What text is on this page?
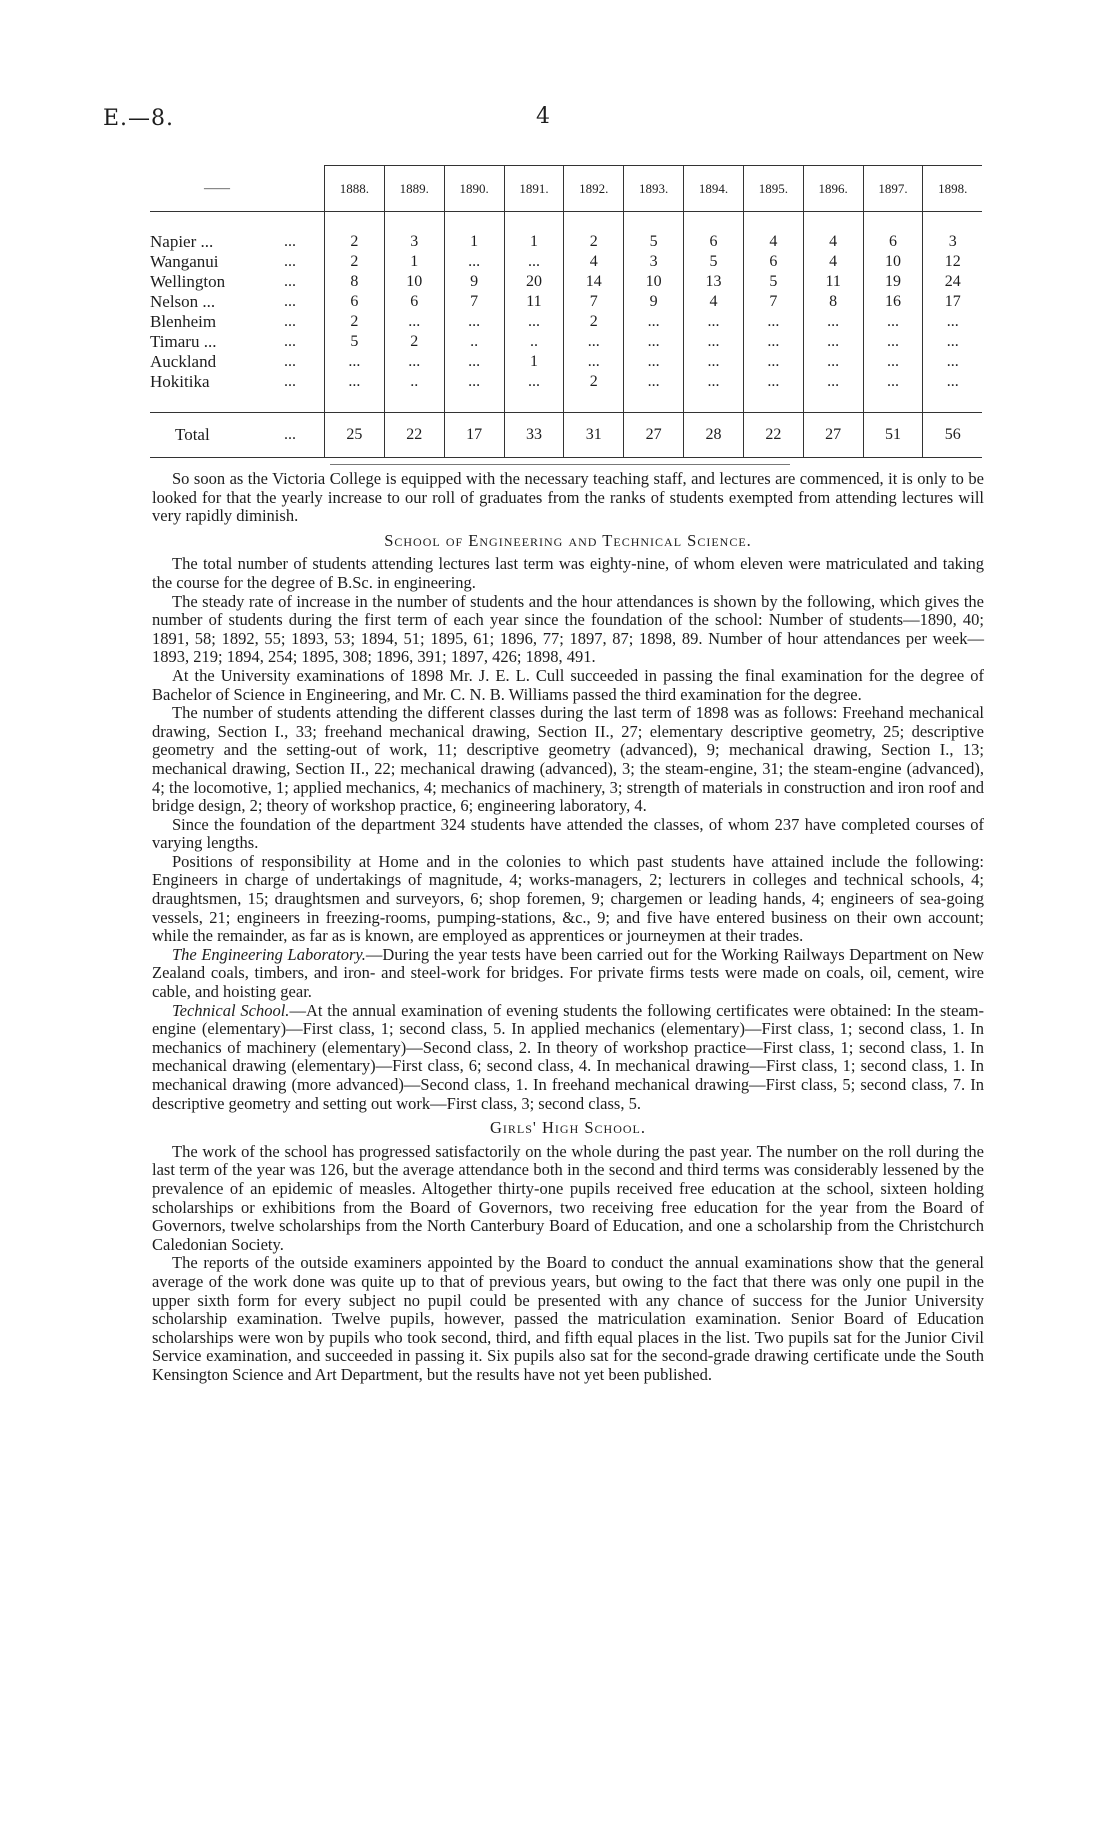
E.—8.	4
——		1888.	1889.	1890.	1891.	1892.	1893.	1894.	1895.	1896.	1897.	1898.

Napier ...	...	2	3	1	1	2	5	6	4	4	6	3
Wanganui	...	2	1	...	...	4	3	5	6	4	10	12
Wellington	...	8	10	9	20	14	10	13	5	11	19	24
Nelson ...	...	6	6	7	11	7	9	4	7	8	16	17
Blenheim	...	2	...	...	...	2	...	...	...	...	...	...
Timaru ...	...	5	2	..	..	...	...	...	...	...	...	...
Auckland	...	...	...	...	1	...	...	...	...	...	...	...
Hokitika	...	...	..	...	...	2	...	...	...	...	...	...

Total	...	25	22	17	33	31	27	28	22	27	51	56

So soon as the Victoria College is equipped with the necessary teaching staff, and lectures are commenced, it is only to be looked for that the yearly increase to our roll of graduates from the ranks of students exempted from attending lectures will very rapidly diminish.

School of Engineering and Technical Science.

The total number of students attending lectures last term was eighty-nine, of whom eleven were matriculated and taking the course for the degree of B.Sc. in engineering.

The steady rate of increase in the number of students and the hour attendances is shown by the following, which gives the number of students during the first term of each year since the foundation of the school: Number of students—1890, 40; 1891, 58; 1892, 55; 1893, 53; 1894, 51; 1895, 61; 1896, 77; 1897, 87; 1898, 89. Number of hour attendances per week—1893, 219; 1894, 254; 1895, 308; 1896, 391; 1897, 426; 1898, 491.

At the University examinations of 1898 Mr. J. E. L. Cull succeeded in passing the final examination for the degree of Bachelor of Science in Engineering, and Mr. C. N. B. Williams passed the third examination for the degree.

The number of students attending the different classes during the last term of 1898 was as follows: Freehand mechanical drawing, Section I., 33; freehand mechanical drawing, Section II., 27; elementary descriptive geometry, 25; descriptive geometry and the setting-out of work, 11; descriptive geometry (advanced), 9; mechanical drawing, Section I., 13; mechanical drawing, Section II., 22; mechanical drawing (advanced), 3; the steam-engine, 31; the steam-engine (advanced), 4; the locomotive, 1; applied mechanics, 4; mechanics of machinery, 3; strength of materials in construction and iron roof and bridge design, 2; theory of workshop practice, 6; engineering laboratory, 4.

Since the foundation of the department 324 students have attended the classes, of whom 237 have completed courses of varying lengths.

Positions of responsibility at Home and in the colonies to which past students have attained include the following: Engineers in charge of undertakings of magnitude, 4; works-managers, 2; lecturers in colleges and technical schools, 4; draughtsmen, 15; draughtsmen and surveyors, 6; shop foremen, 9; chargemen or leading hands, 4; engineers of sea-going vessels, 21; engineers in freezing-rooms, pumping-stations, &c., 9; and five have entered business on their own account; while the remainder, as far as is known, are employed as apprentices or journeymen at their trades.

The Engineering Laboratory.—During the year tests have been carried out for the Working Railways Department on New Zealand coals, timbers, and iron- and steel-work for bridges. For private firms tests were made on coals, oil, cement, wire cable, and hoisting gear.

Technical School.—At the annual examination of evening students the following certificates were obtained: In the steam-engine (elementary)—First class, 1; second class, 5. In applied mechanics (elementary)—First class, 1; second class, 1. In mechanics of machinery (elementary)—Second class, 2. In theory of workshop practice—First class, 1; second class, 1. In mechanical drawing (elementary)—First class, 6; second class, 4. In mechanical drawing—First class, 1; second class, 1. In mechanical drawing (more advanced)—Second class, 1. In freehand mechanical drawing—First class, 5; second class, 7. In descriptive geometry and setting out work—First class, 3; second class, 5.

Girls' High School.

The work of the school has progressed satisfactorily on the whole during the past year. The number on the roll during the last term of the year was 126, but the average attendance both in the second and third terms was considerably lessened by the prevalence of an epidemic of measles. Altogether thirty-one pupils received free education at the school, sixteen holding scholarships or exhibitions from the Board of Governors, two receiving free education for the year from the Board of Governors, twelve scholarships from the North Canterbury Board of Education, and one a scholarship from the Christchurch Caledonian Society.

The reports of the outside examiners appointed by the Board to conduct the annual examinations show that the general average of the work done was quite up to that of previous years, but owing to the fact that there was only one pupil in the upper sixth form for every subject no pupil could be presented with any chance of success for the Junior University scholarship examination. Twelve pupils, however, passed the matriculation examination. Senior Board of Education scholarships were won by pupils who took second, third, and fifth equal places in the list. Two pupils sat for the Junior Civil Service examination, and succeeded in passing it. Six pupils also sat for the second-grade drawing certificate unde the South Kensington Science and Art Department, but the results have not yet been published.
